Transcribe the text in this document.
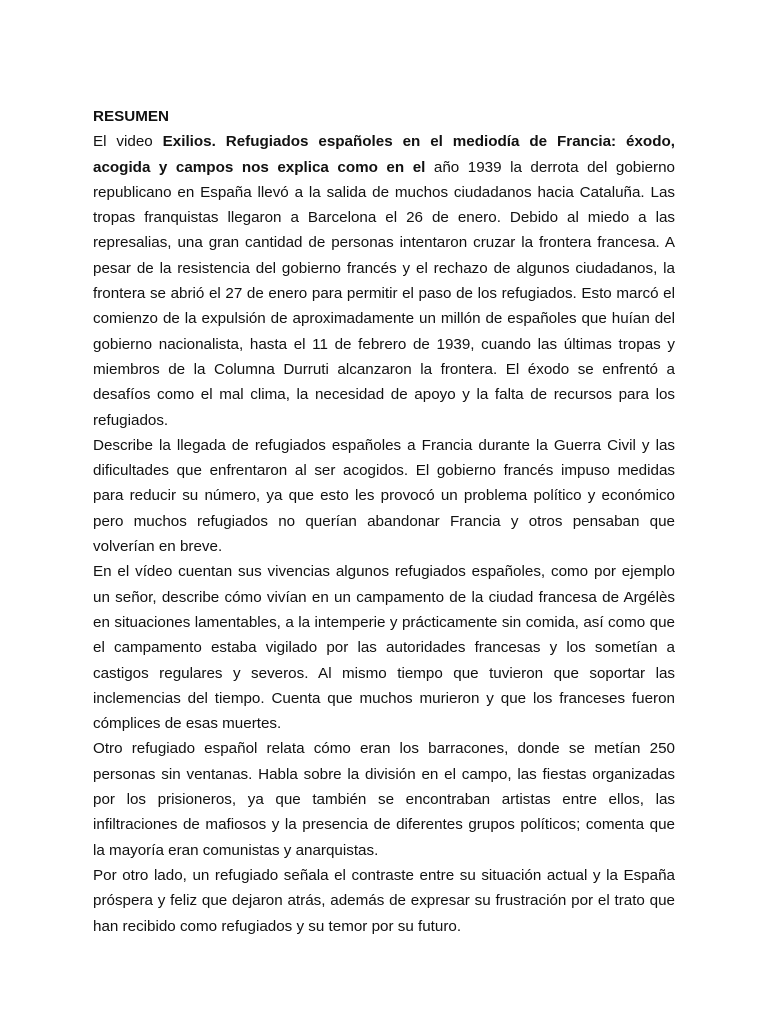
RESUMEN

El video Exilios. Refugiados españoles en el mediodía de Francia: éxodo, acogida y campos nos explica como en el año 1939 la derrota del gobierno republicano en España llevó a la salida de muchos ciudadanos hacia Cataluña. Las tropas franquistas llegaron a Barcelona el 26 de enero. Debido al miedo a las represalias, una gran cantidad de personas intentaron cruzar la frontera francesa. A pesar de la resistencia del gobierno francés y el rechazo de algunos ciudadanos, la frontera se abrió el 27 de enero para permitir el paso de los refugiados. Esto marcó el comienzo de la expulsión de aproximadamente un millón de españoles que huían del gobierno nacionalista, hasta el 11 de febrero de 1939, cuando las últimas tropas y miembros de la Columna Durruti alcanzaron la frontera. El éxodo se enfrentó a desafíos como el mal clima, la necesidad de apoyo y la falta de recursos para los refugiados.

Describe la llegada de refugiados españoles a Francia durante la Guerra Civil y las dificultades que enfrentaron al ser acogidos. El gobierno francés impuso medidas para reducir su número, ya que esto les provocó un problema político y económico pero muchos refugiados no querían abandonar Francia y otros pensaban que volverían en breve.

En el vídeo cuentan sus vivencias algunos refugiados españoles, como por ejemplo un señor, describe cómo vivían en un campamento de la ciudad francesa de Argélès en situaciones lamentables, a la intemperie y prácticamente sin comida, así como que el campamento estaba vigilado por las autoridades francesas y los sometían a castigos regulares y severos. Al mismo tiempo que tuvieron que soportar las inclemencias del tiempo. Cuenta que muchos murieron y que los franceses fueron cómplices de esas muertes.

Otro refugiado español relata cómo eran los barracones, donde se metían 250 personas sin ventanas. Habla sobre la división en el campo, las fiestas organizadas por los prisioneros, ya que también se encontraban artistas entre ellos, las infiltraciones de mafiosos y la presencia de diferentes grupos políticos; comenta que la mayoría eran comunistas y anarquistas.

Por otro lado, un refugiado señala el contraste entre su situación actual y la España próspera y feliz que dejaron atrás, además de expresar su frustración por el trato que han recibido como refugiados y su temor por su futuro.
